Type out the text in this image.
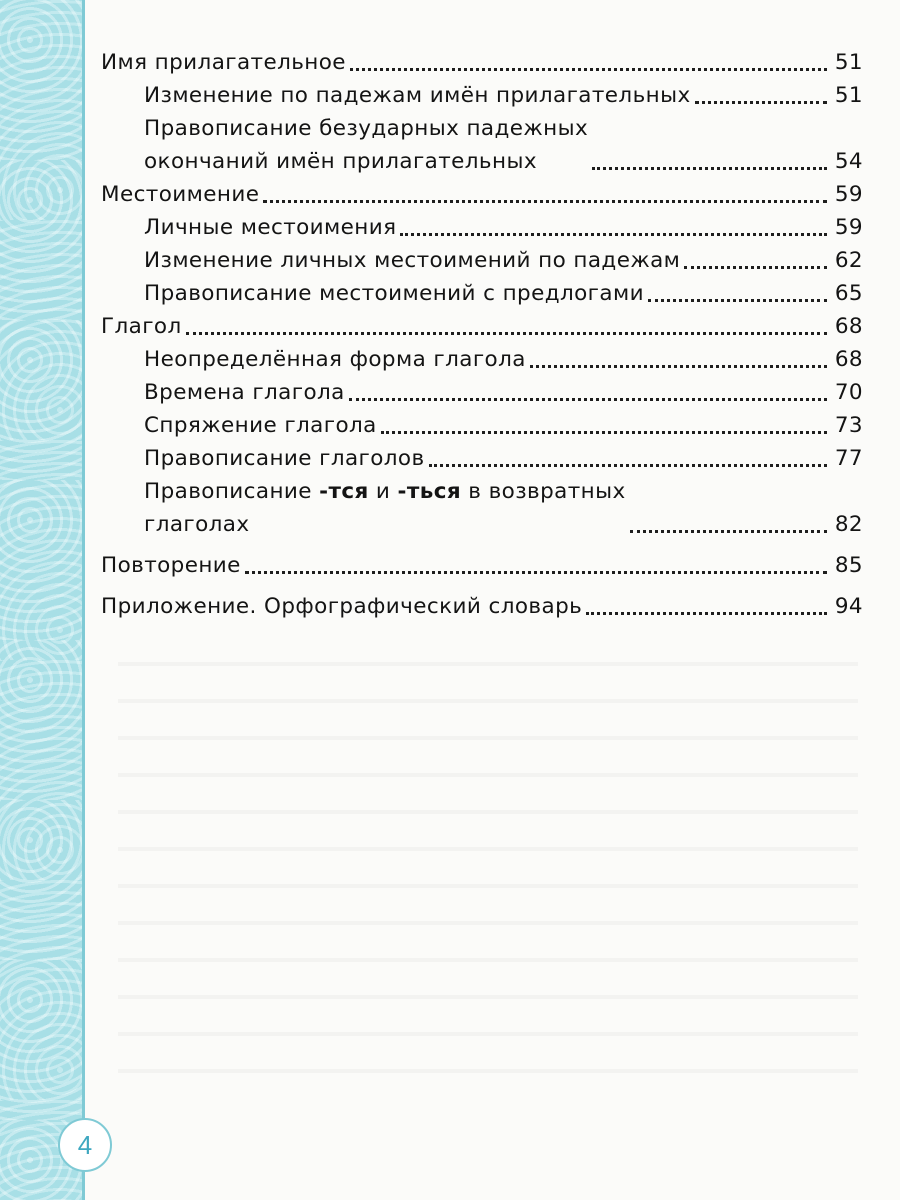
Имя прилагательное	51
Изменение по падежам имён прилагательных	51
Правописание безударных падежных
окончаний имён прилагательных	54
Местоимение	59
Личные местоимения	59
Изменение личных местоимений по падежам	62
Правописание местоимений с предлогами	65
Глагол	68
Неопределённая форма глагола	68
Времена глагола	70
Спряжение глагола	73
Правописание глаголов	77
Правописание -тся и -ться в возвратных
глаголах	82
Повторение	85
Приложение. Орфографический словарь	94
4
